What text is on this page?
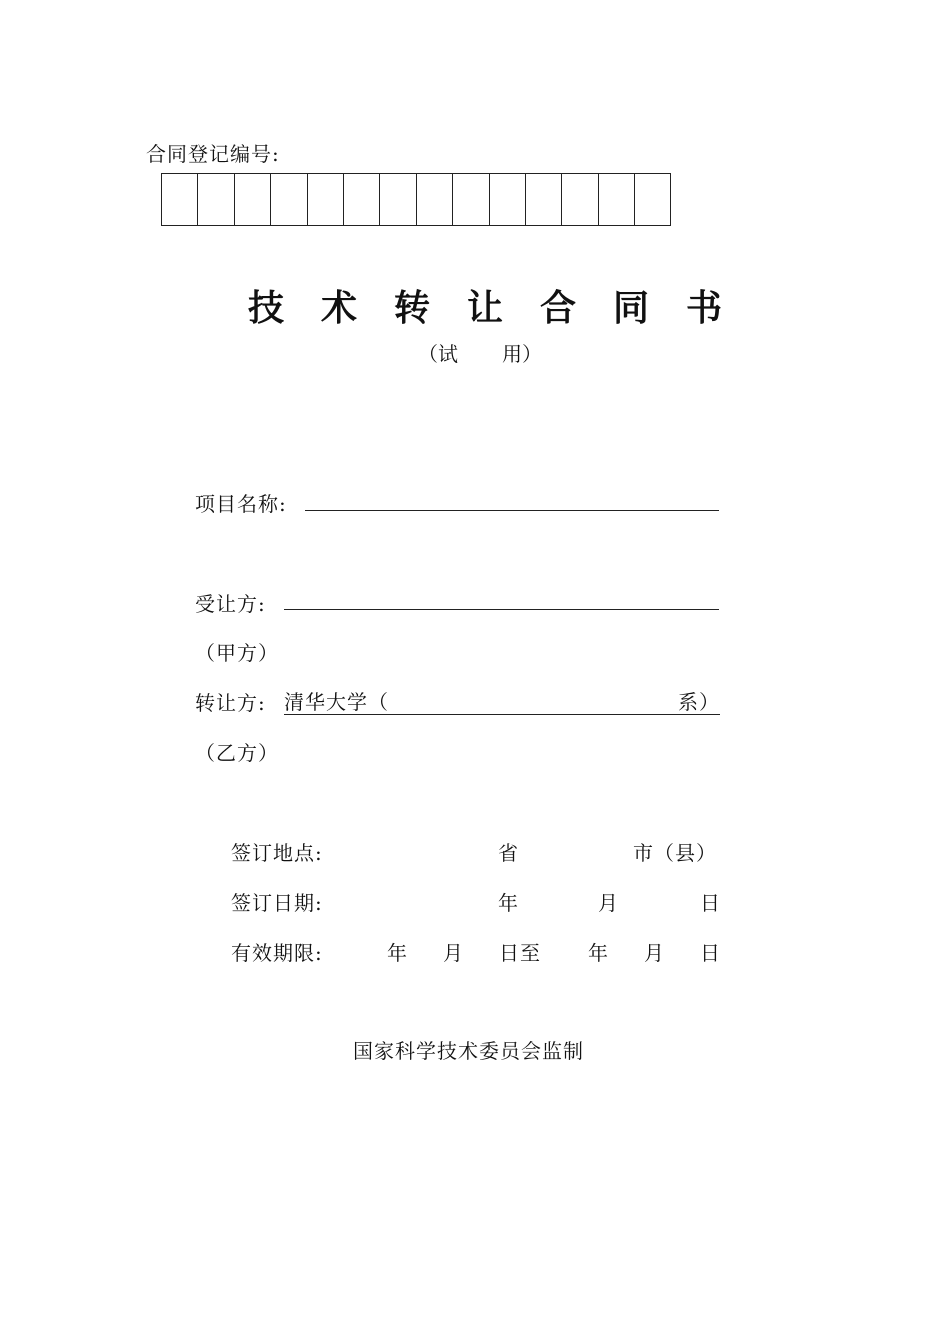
合同登记编号:
技术转让合同书
（试 用）
项目名称:
受让方:
（甲方）
转让方: 清华大学（	系）
（乙方）
签订地点:	省	市（县）
签订日期:	年	月	日
有效期限:	年 月 日至 年 月 日
国家科学技术委员会监制
